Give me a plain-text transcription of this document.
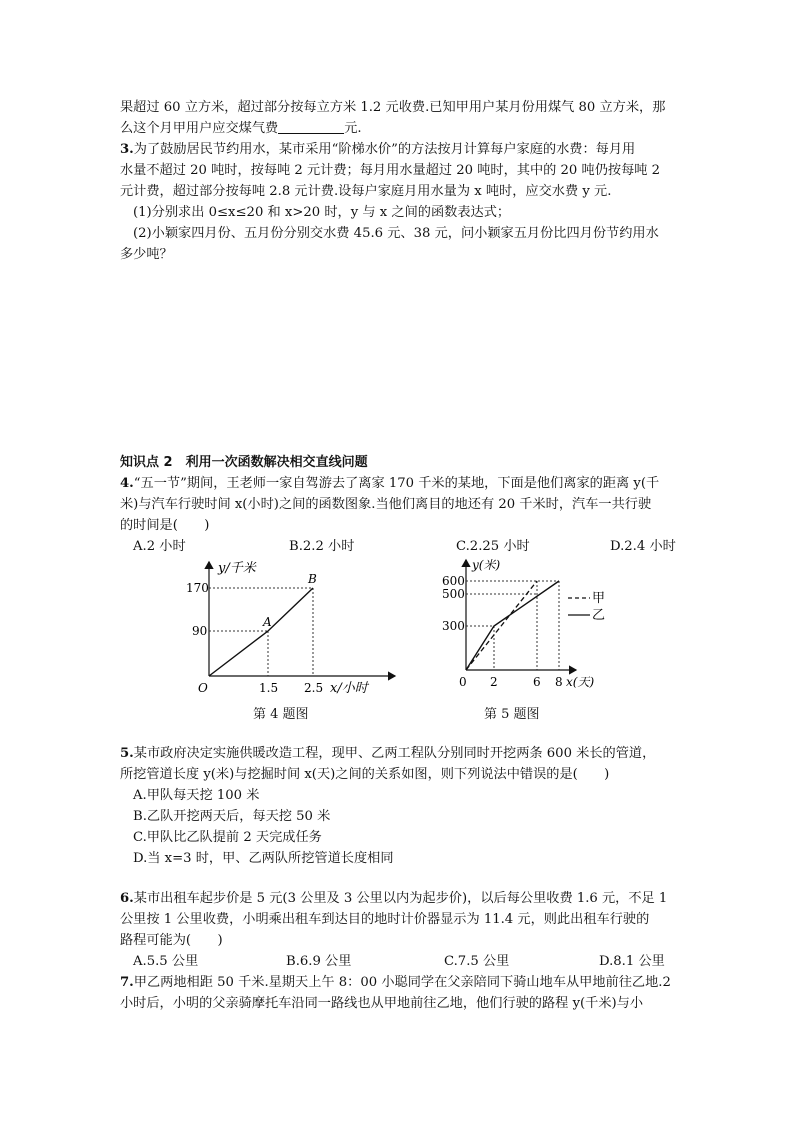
果超过 60 立方米，超过部分按每立方米 1.2 元收费.已知甲用户某月份用煤气 80 立方米，那
么这个月甲用户应交煤气费	元.
3.为了鼓励居民节约用水，某市采用“阶梯水价”的方法按月计算每户家庭的水费：每月用
水量不超过 20 吨时，按每吨 2 元计费；每月用水量超过 20 吨时，其中的 20 吨仍按每吨 2
元计费，超过部分按每吨 2.8 元计费.设每户家庭月用水量为 x 吨时，应交水费 y 元.
(1)分别求出 0≤x≤20 和 x>20 时，y 与 x 之间的函数表达式；
(2)小颖家四月份、五月份分别交水费 45.6 元、38 元，问小颖家五月份比四月份节约用水
多少吨？
知识点 2　利用一次函数解决相交直线问题
4.“五一节”期间，王老师一家自驾游去了离家 170 千米的某地，下面是他们离家的距离 y(千
米)与汽车行驶时间 x(小时)之间的函数图象.当他们离目的地还有 20 千米时，汽车一共行驶
的时间是(　　)
A.2 小时	B.2.2 小时	C.2.25 小时	D.2.4 小时
y/千米
170
90
O	1.5 2.5 x/小时
A
B
第 4 题图
y(米)
600
500
300
0 2	6 8 x(天)
甲
乙
第 5 题图
5.某市政府决定实施供暖改造工程，现甲、乙两工程队分别同时开挖两条 600 米长的管道，
所挖管道长度 y(米)与挖掘时间 x(天)之间的关系如图，则下列说法中错误的是(　　)
A.甲队每天挖 100 米
B.乙队开挖两天后，每天挖 50 米
C.甲队比乙队提前 2 天完成任务
D.当 x=3 时，甲、乙两队所挖管道长度相同
6.某市出租车起步价是 5 元(3 公里及 3 公里以内为起步价)，以后每公里收费 1.6 元，不足 1
公里按 1 公里收费，小明乘出租车到达目的地时计价器显示为 11.4 元，则此出租车行驶的
路程可能为(　　)
A.5.5 公里	B.6.9 公里	C.7.5 公里	D.8.1 公里
7.甲乙两地相距 50 千米.星期天上午 8：00 小聪同学在父亲陪同下骑山地车从甲地前往乙地.2
小时后，小明的父亲骑摩托车沿同一路线也从甲地前往乙地，他们行驶的路程 y(千米)与小
